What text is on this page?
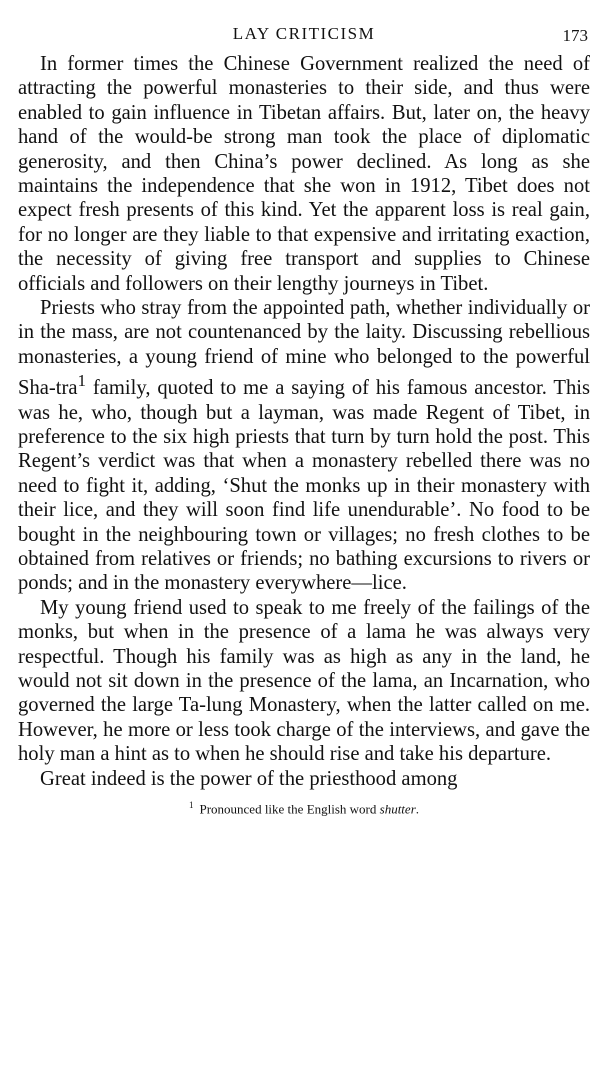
LAY CRITICISM	173

In former times the Chinese Government realized the need of attracting the powerful monasteries to their side, and thus were enabled to gain influence in Tibetan affairs. But, later on, the heavy hand of the would-be strong man took the place of diplomatic generosity, and then China’s power declined. As long as she maintains the independence that she won in 1912, Tibet does not expect fresh presents of this kind. Yet the apparent loss is real gain, for no longer are they liable to that expensive and irritating exaction, the necessity of giving free transport and supplies to Chinese officials and followers on their lengthy journeys in Tibet.

Priests who stray from the appointed path, whether individually or in the mass, are not countenanced by the laity. Discussing rebellious monasteries, a young friend of mine who belonged to the powerful Sha-tra$^1$ family, quoted to me a saying of his famous ancestor. This was he, who, though but a layman, was made Regent of Tibet, in preference to the six high priests that turn by turn hold the post. This Regent’s verdict was that when a monastery rebelled there was no need to fight it, adding, ‘Shut the monks up in their monastery with their lice, and they will soon find life unendurable’. No food to be bought in the neighbouring town or villages; no fresh clothes to be obtained from relatives or friends; no bathing excursions to rivers or ponds; and in the monastery everywhere—lice.

My young friend used to speak to me freely of the failings of the monks, but when in the presence of a lama he was always very respectful. Though his family was as high as any in the land, he would not sit down in the presence of the lama, an Incarnation, who governed the large Ta-lung Monastery, when the latter called on me. However, he more or less took charge of the interviews, and gave the holy man a hint as to when he should rise and take his departure.

Great indeed is the power of the priesthood among

$^1$ Pronounced like the English word shutter.
